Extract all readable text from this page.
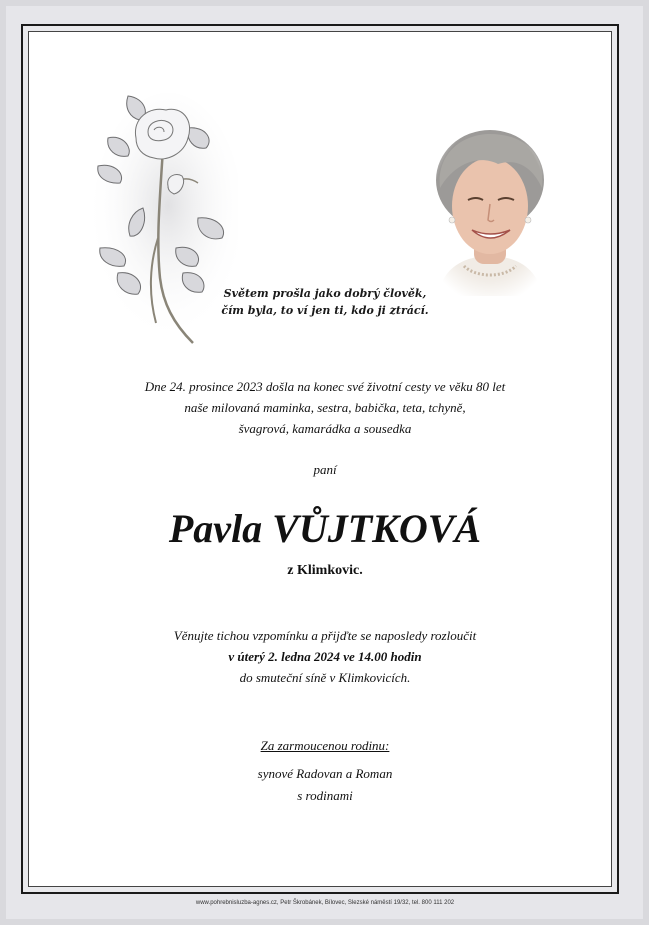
Světem prošla jako dobrý člověk,
čím byla, to ví jen ti, kdo ji ztrácí.
Dne 24. prosince 2023 došla na konec své životní cesty ve věku 80 let
naše milovaná maminka, sestra, babička, teta, tchyně,
švagrová, kamarádka a sousedka
paní
Pavla VŮJTKOVÁ
z Klimkovic.
Věnujte tichou vzpomínku a přijďte se naposledy rozloučit
v úterý 2. ledna 2024 ve 14.00 hodin
do smuteční síně v Klimkovicích.
Za zarmoucenou rodinu:
synové Radovan a Roman
s rodinami
www.pohrebnisluzba-agnes.cz, Petr Škrobánek, Bílovec, Slezské náměstí 19/32, tel. 800 111 202
